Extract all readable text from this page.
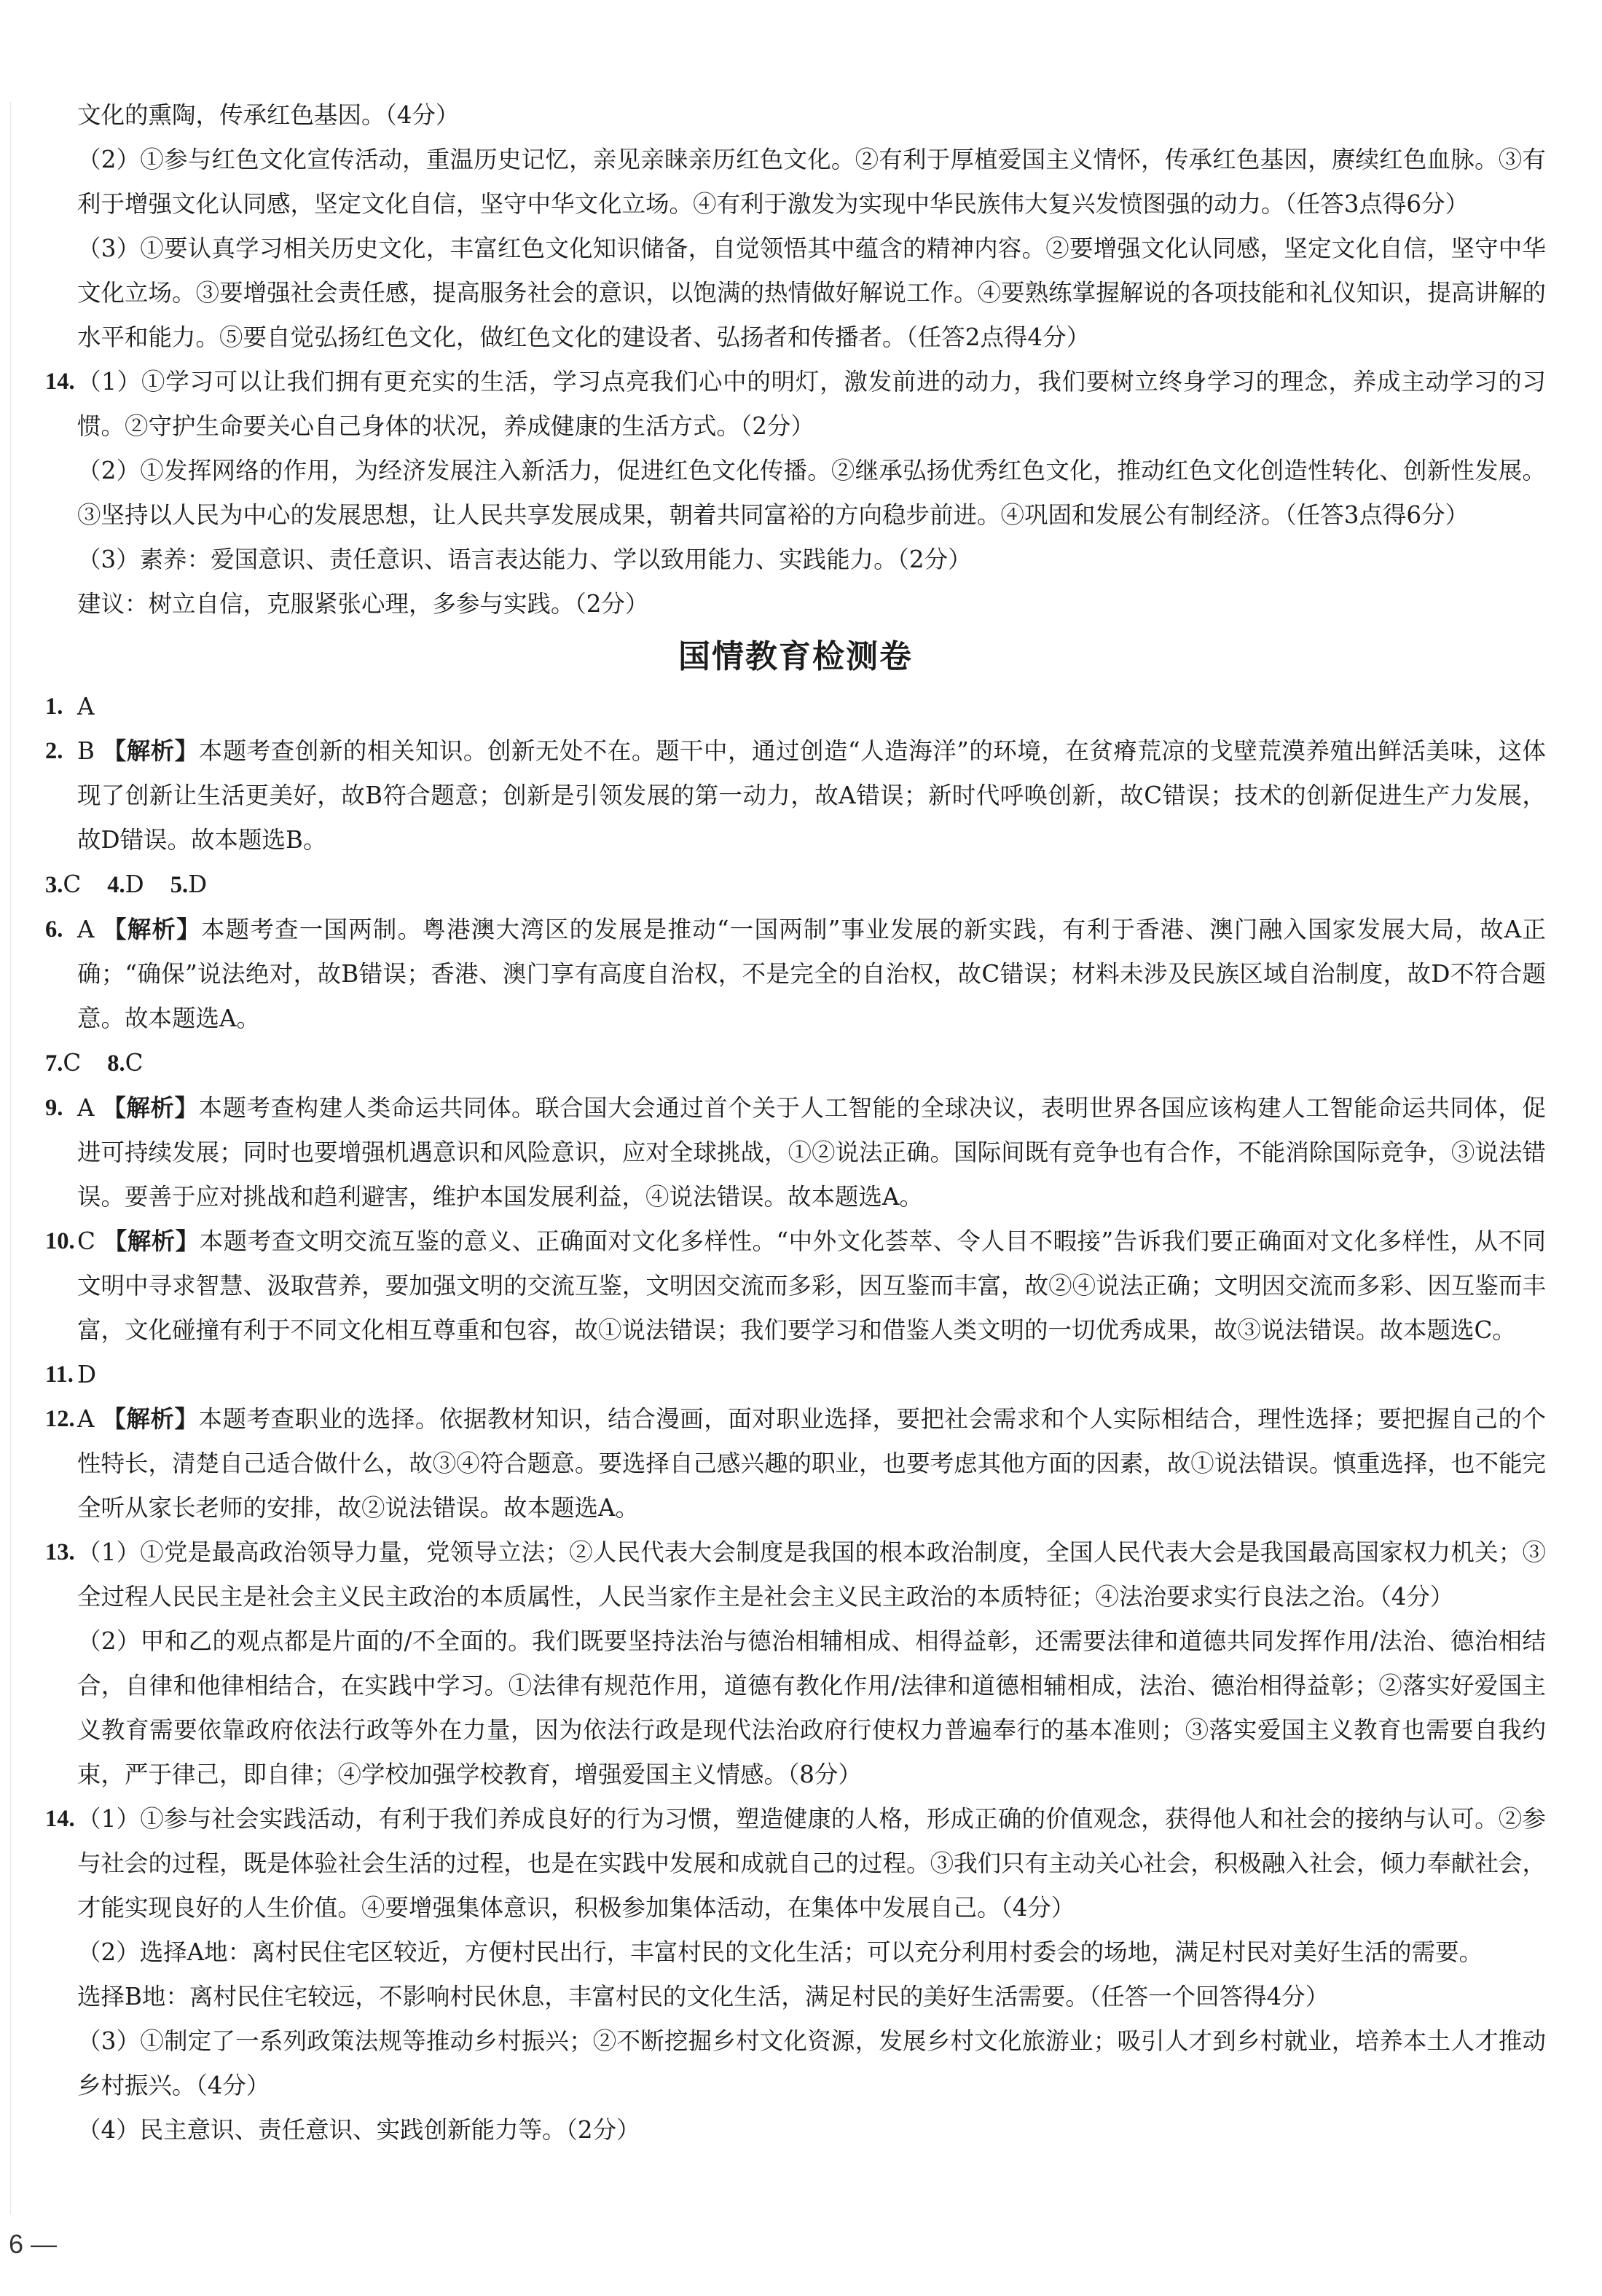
文化的熏陶，传承红色基因。（4分）

（2）①参与红色文化宣传活动，重温历史记忆，亲见亲睐亲历红色文化。②有利于厚植爱国主义情怀，传承红色基因，赓续红色血脉。③有利于增强文化认同感，坚定文化自信，坚守中华文化立场。④有利于激发为实现中华民族伟大复兴发愤图强的动力。（任答3点得6分）

（3）①要认真学习相关历史文化，丰富红色文化知识储备，自觉领悟其中蕴含的精神内容。②要增强文化认同感，坚定文化自信，坚守中华文化立场。③要增强社会责任感，提高服务社会的意识，以饱满的热情做好解说工作。④要熟练掌握解说的各项技能和礼仪知识，提高讲解的水平和能力。⑤要自觉弘扬红色文化，做红色文化的建设者、弘扬者和传播者。（任答2点得4分）

14. （1）①学习可以让我们拥有更充实的生活，学习点亮我们心中的明灯，激发前进的动力，我们要树立终身学习的理念，养成主动学习的习惯。②守护生命要关心自己身体的状况，养成健康的生活方式。（2分）

（2）①发挥网络的作用，为经济发展注入新活力，促进红色文化传播。②继承弘扬优秀红色文化，推动红色文化创造性转化、创新性发展。③坚持以人民为中心的发展思想，让人民共享发展成果，朝着共同富裕的方向稳步前进。④巩固和发展公有制经济。（任答3点得6分）

（3）素养：爱国意识、责任意识、语言表达能力、学以致用能力、实践能力。（2分）

建议：树立自信，克服紧张心理，多参与实践。（2分）

国情教育检测卷
1. A
2. B 【解析】本题考查创新的相关知识。创新无处不在。题干中，通过创造“人造海洋”的环境，在贫瘠荒凉的戈壁荒漠养殖出鲜活美味，这体现了创新让生活更美好，故B符合题意；创新是引领发展的第一动力，故A错误；新时代呼唤创新，故C错误；技术的创新促进生产力发展，故D错误。故本题选B。
3.C 4.D 5.D
6. A 【解析】本题考查一国两制。粤港澳大湾区的发展是推动“一国两制”事业发展的新实践，有利于香港、澳门融入国家发展大局，故A正确；“确保”说法绝对，故B错误；香港、澳门享有高度自治权，不是完全的自治权，故C错误；材料未涉及民族区域自治制度，故D不符合题意。故本题选A。
7.C 8.C
9. A 【解析】本题考查构建人类命运共同体。联合国大会通过首个关于人工智能的全球决议，表明世界各国应该构建人工智能命运共同体，促进可持续发展；同时也要增强机遇意识和风险意识，应对全球挑战，①②说法正确。国际间既有竞争也有合作，不能消除国际竞争，③说法错误。要善于应对挑战和趋利避害，维护本国发展利益，④说法错误。故本题选A。
10. C 【解析】本题考查文明交流互鉴的意义、正确面对文化多样性。“中外文化荟萃、令人目不暇接”告诉我们要正确面对文化多样性，从不同文明中寻求智慧、汲取营养，要加强文明的交流互鉴，文明因交流而多彩，因互鉴而丰富，故②④说法正确；文明因交流而多彩、因互鉴而丰富，文化碰撞有利于不同文化相互尊重和包容，故①说法错误；我们要学习和借鉴人类文明的一切优秀成果，故③说法错误。故本题选C。
11. D
12. A 【解析】本题考查职业的选择。依据教材知识，结合漫画，面对职业选择，要把社会需求和个人实际相结合，理性选择；要把握自己的个性特长，清楚自己适合做什么，故③④符合题意。要选择自己感兴趣的职业，也要考虑其他方面的因素，故①说法错误。慎重选择，也不能完全听从家长老师的安排，故②说法错误。故本题选A。
13. （1）①党是最高政治领导力量，党领导立法；②人民代表大会制度是我国的根本政治制度，全国人民代表大会是我国最高国家权力机关；③全过程人民民主是社会主义民主政治的本质属性，人民当家作主是社会主义民主政治的本质特征；④法治要求实行良法之治。（4分）

（2）甲和乙的观点都是片面的/不全面的。我们既要坚持法治与德治相辅相成、相得益彰，还需要法律和道德共同发挥作用/法治、德治相结合，自律和他律相结合，在实践中学习。①法律有规范作用，道德有教化作用/法律和道德相辅相成，法治、德治相得益彰；②落实好爱国主义教育需要依靠政府依法行政等外在力量，因为依法行政是现代法治政府行使权力普遍奉行的基本准则；③落实爱国主义教育也需要自我约束，严于律己，即自律；④学校加强学校教育，增强爱国主义情感。（8分）

14. （1）①参与社会实践活动，有利于我们养成良好的行为习惯，塑造健康的人格，形成正确的价值观念，获得他人和社会的接纳与认可。②参与社会的过程，既是体验社会生活的过程，也是在实践中发展和成就自己的过程。③我们只有主动关心社会，积极融入社会，倾力奉献社会，才能实现良好的人生价值。④要增强集体意识，积极参加集体活动，在集体中发展自己。（4分）

（2）选择A地：离村民住宅区较近，方便村民出行，丰富村民的文化生活；可以充分利用村委会的场地，满足村民对美好生活的需要。

选择B地：离村民住宅较远，不影响村民休息，丰富村民的文化生活，满足村民的美好生活需要。（任答一个回答得4分）

（3）①制定了一系列政策法规等推动乡村振兴；②不断挖掘乡村文化资源，发展乡村文化旅游业；吸引人才到乡村就业，培养本土人才推动乡村振兴。（4分）

（4）民主意识、责任意识、实践创新能力等。（2分）

6 —
